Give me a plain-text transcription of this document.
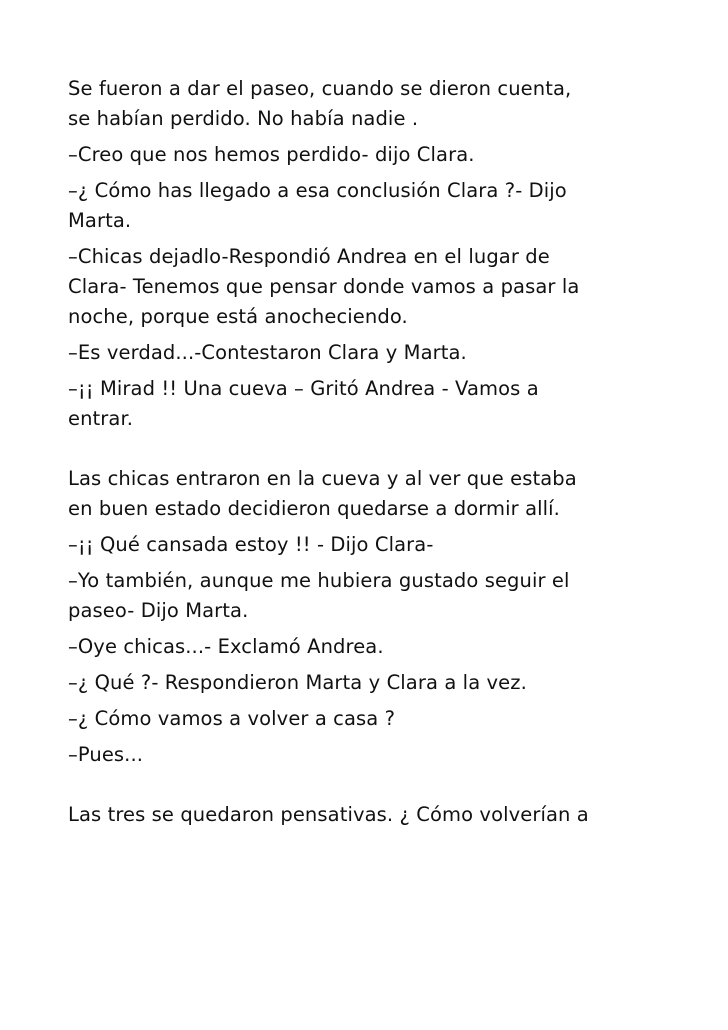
Se fueron a dar el paseo, cuando se dieron cuenta,
se habían perdido. No había nadie .

–Creo que nos hemos perdido- dijo Clara.

–¿ Cómo has llegado a esa conclusión Clara ?- Dijo
Marta.

–Chicas dejadlo-Respondió Andrea en el lugar de
Clara- Tenemos que pensar donde vamos a pasar la
noche, porque está anocheciendo.

–Es verdad...-Contestaron Clara y Marta.

–¡¡ Mirad !! Una cueva – Gritó Andrea - Vamos a
entrar.

Las chicas entraron en la cueva y al ver que estaba
en buen estado decidieron quedarse a dormir allí.

–¡¡ Qué cansada estoy !! - Dijo Clara-

–Yo también, aunque me hubiera gustado seguir el
paseo- Dijo Marta.

–Oye chicas...- Exclamó Andrea.

–¿ Qué ?- Respondieron Marta y Clara a la vez.

–¿ Cómo vamos a volver a casa ?

–Pues...

Las tres se quedaron pensativas. ¿ Cómo volverían a
